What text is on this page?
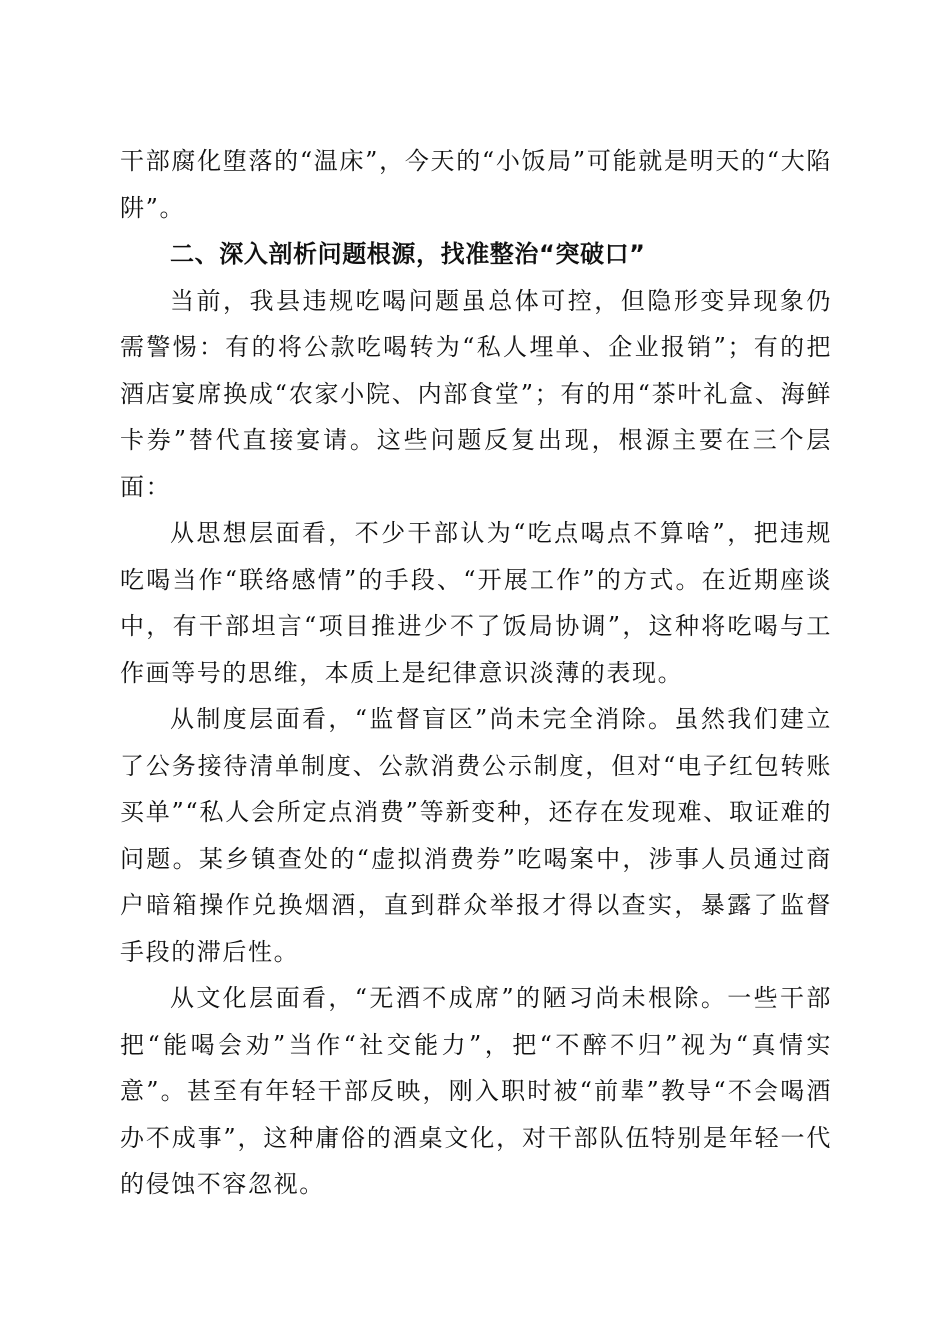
干部腐化堕落的“温床”，今天的“小饭局”可能就是明天的“大陷阱”。

二、深入剖析问题根源，找准整治“突破口”

当前，我县违规吃喝问题虽总体可控，但隐形变异现象仍需警惕：有的将公款吃喝转为“私人埋单、企业报销”；有的把酒店宴席换成“农家小院、内部食堂”；有的用“茶叶礼盒、海鲜卡券”替代直接宴请。这些问题反复出现，根源主要在三个层面：

从思想层面看，不少干部认为“吃点喝点不算啥”，把违规吃喝当作“联络感情”的手段、“开展工作”的方式。在近期座谈中，有干部坦言“项目推进少不了饭局协调”，这种将吃喝与工作画等号的思维，本质上是纪律意识淡薄的表现。

从制度层面看，“监督盲区”尚未完全消除。虽然我们建立了公务接待清单制度、公款消费公示制度，但对“电子红包转账买单”“私人会所定点消费”等新变种，还存在发现难、取证难的问题。某乡镇查处的“虚拟消费券”吃喝案中，涉事人员通过商户暗箱操作兑换烟酒，直到群众举报才得以查实，暴露了监督手段的滞后性。

从文化层面看，“无酒不成席”的陋习尚未根除。一些干部把“能喝会劝”当作“社交能力”，把“不醉不归”视为“真情实意”。甚至有年轻干部反映，刚入职时被“前辈”教导“不会喝酒办不成事”，这种庸俗的酒桌文化，对干部队伍特别是年轻一代的侵蚀不容忽视。
